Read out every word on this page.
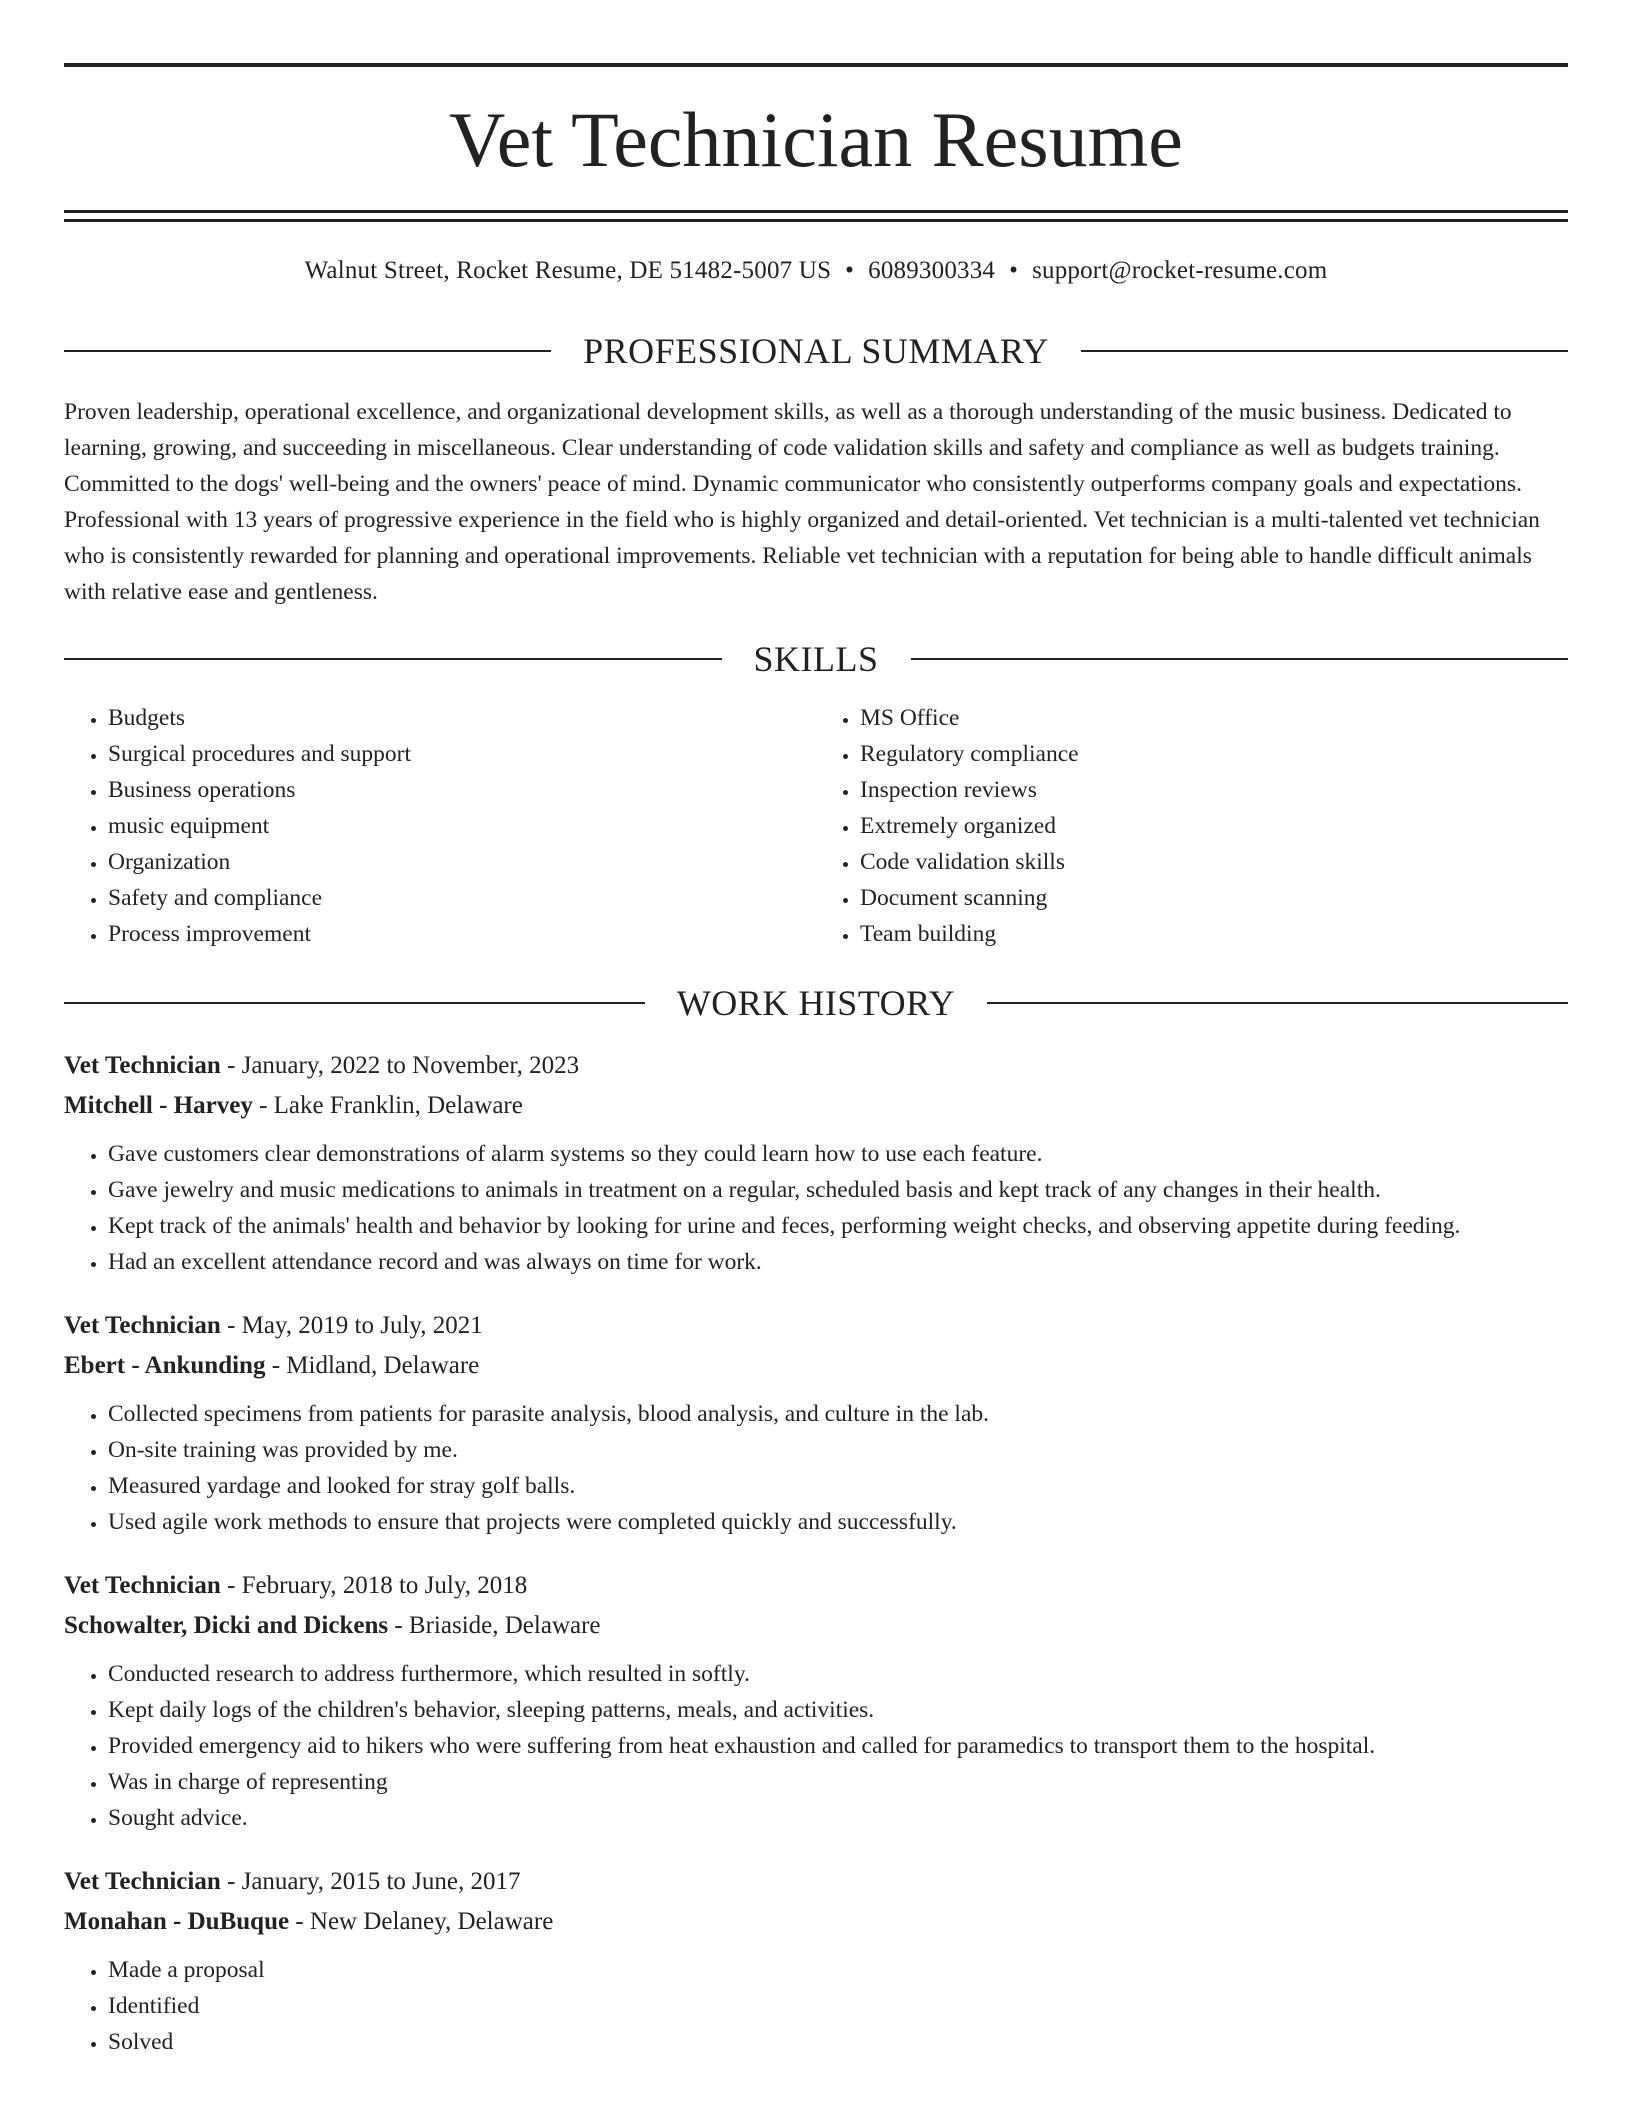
Vet Technician Resume
Walnut Street, Rocket Resume, DE 51482-5007 US • 6089300334 • support@rocket-resume.com
PROFESSIONAL SUMMARY

Proven leadership, operational excellence, and organizational development skills, as well as a thorough understanding of the music business. Dedicated to learning, growing, and succeeding in miscellaneous. Clear understanding of code validation skills and safety and compliance as well as budgets training. Committed to the dogs' well-being and the owners' peace of mind. Dynamic communicator who consistently outperforms company goals and expectations. Professional with 13 years of progressive experience in the field who is highly organized and detail-oriented. Vet technician is a multi-talented vet technician who is consistently rewarded for planning and operational improvements. Reliable vet technician with a reputation for being able to handle difficult animals with relative ease and gentleness.

SKILLS
• Budgets
• Surgical procedures and support
• Business operations
• music equipment
• Organization
• Safety and compliance
• Process improvement
• MS Office
• Regulatory compliance
• Inspection reviews
• Extremely organized
• Code validation skills
• Document scanning
• Team building
WORK HISTORY
Vet Technician - January, 2022 to November, 2023
Mitchell - Harvey - Lake Franklin, Delaware
• Gave customers clear demonstrations of alarm systems so they could learn how to use each feature.
• Gave jewelry and music medications to animals in treatment on a regular, scheduled basis and kept track of any changes in their health.
• Kept track of the animals' health and behavior by looking for urine and feces, performing weight checks, and observing appetite during feeding.
• Had an excellent attendance record and was always on time for work.
Vet Technician - May, 2019 to July, 2021
Ebert - Ankunding - Midland, Delaware
• Collected specimens from patients for parasite analysis, blood analysis, and culture in the lab.
• On-site training was provided by me.
• Measured yardage and looked for stray golf balls.
• Used agile work methods to ensure that projects were completed quickly and successfully.
Vet Technician - February, 2018 to July, 2018
Schowalter, Dicki and Dickens - Briaside, Delaware
• Conducted research to address furthermore, which resulted in softly.
• Kept daily logs of the children's behavior, sleeping patterns, meals, and activities.
• Provided emergency aid to hikers who were suffering from heat exhaustion and called for paramedics to transport them to the hospital.
• Was in charge of representing
• Sought advice.
Vet Technician - January, 2015 to June, 2017
Monahan - DuBuque - New Delaney, Delaware
• Made a proposal
• Identified
• Solved
